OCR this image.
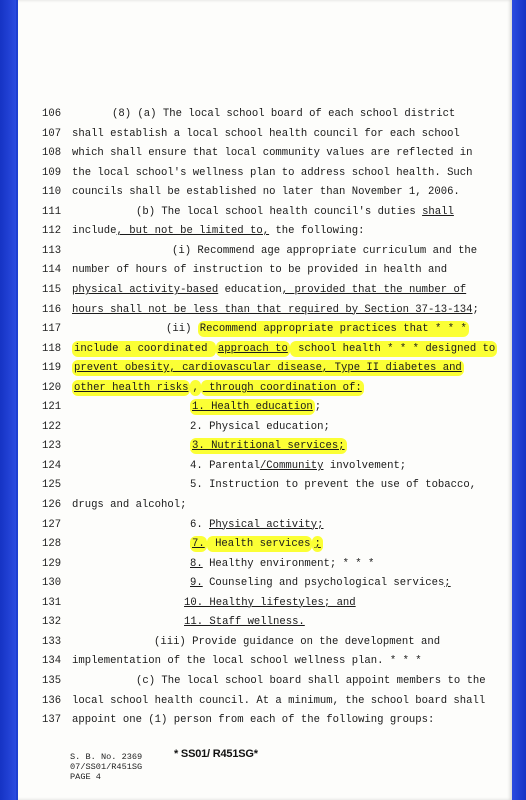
106	(8) (a) The local school board of each school district
107	shall establish a local school health council for each school
108	which shall ensure that local community values are reflected in
109	the local school's wellness plan to address school health. Such
110	councils shall be established no later than November 1, 2006.
111	(b) The local school health council's duties shall
112	include, but not be limited to, the following:
113	(i) Recommend age appropriate curriculum and the
114	number of hours of instruction to be provided in health and
115	physical activity-based education, provided that the number of
116	hours shall not be less than that required by Section 37-13-134;
117	(ii) Recommend appropriate practices that * * *
118	include a coordinated approach to school health * * * designed to
119	prevent obesity, cardiovascular disease, Type II diabetes and
120	other health risks , through coordination of:
121	1. Health education ;
122	2. Physical education;
123	3. Nutritional services;
124	4. Parental/Community involvement;
125	5. Instruction to prevent the use of tobacco,
126	drugs and alcohol;
127	6. Physical activity;
128	7. Health services ;
129	8. Healthy environment; * * *
130	9. Counseling and psychological services;
131	10. Healthy lifestyles; and
132	11. Staff wellness.
133	(iii) Provide guidance on the development and
134	implementation of the local school wellness plan. * * *
135	(c) The local school board shall appoint members to the
136	local school health council. At a minimum, the school board shall
137	appoint one (1) person from each of the following groups:
S. B. No. 2369
07/SS01/R451SG
PAGE 4
* SS01/ R451SG*
